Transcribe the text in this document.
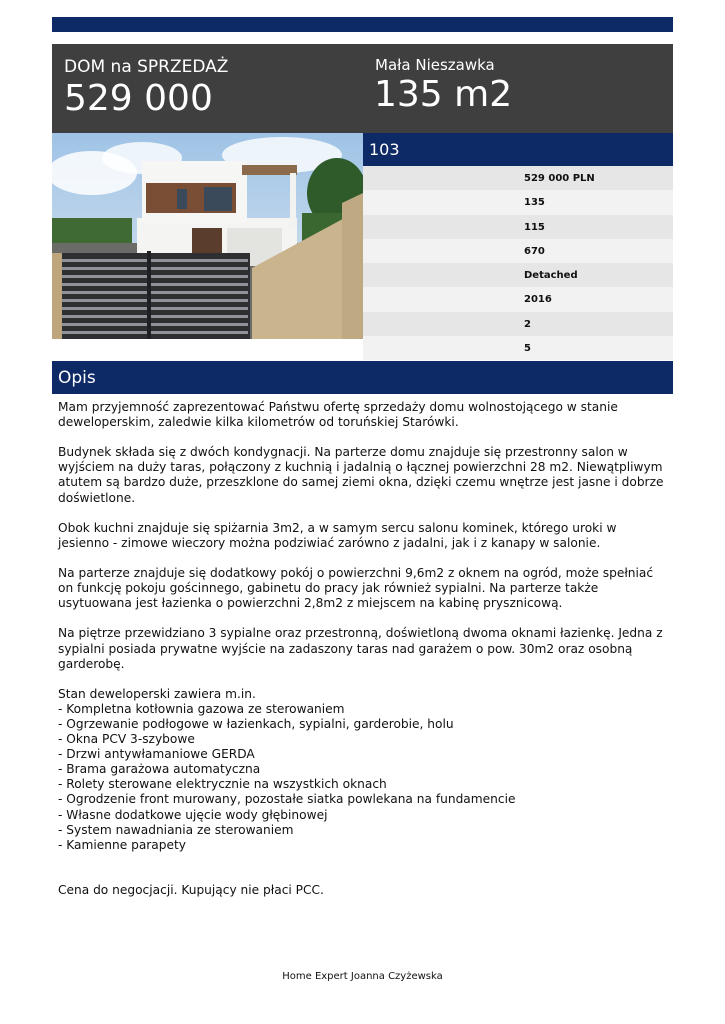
DOM na SPRZEDAŻ
529 000
Mała Nieszawka
135 m2
103
529 000 PLN
135
115
670
Detached
2016
2
5
Opis

Mam przyjemność zaprezentować Państwu ofertę sprzedaży domu wolnostojącego w stanie deweloperskim, zaledwie kilka kilometrów od toruńskiej Starówki.

Budynek składa się z dwóch kondygnacji. Na parterze domu znajduje się przestronny salon w wyjściem na duży taras, połączony z kuchnią i jadalnią o łącznej powierzchni 28 m2. Niewątpliwym atutem są bardzo duże, przeszklone do samej ziemi okna, dzięki czemu wnętrze jest jasne i dobrze doświetlone.

Obok kuchni znajduje się spiżarnia 3m2, a w samym sercu salonu kominek, którego uroki w jesienno - zimowe wieczory można podziwiać zarówno z jadalni, jak i z kanapy w salonie.

Na parterze znajduje się dodatkowy pokój o powierzchni 9,6m2 z oknem na ogród, może spełniać on funkcję pokoju gościnnego, gabinetu do pracy jak również sypialni. Na parterze także usytuowana jest łazienka o powierzchni 2,8m2 z miejscem na kabinę prysznicową.

Na piętrze przewidziano 3 sypialne oraz przestronną, doświetloną dwoma oknami łazienkę. Jedna z sypialni posiada prywatne wyjście na zadaszony taras nad garażem o pow. 30m2 oraz osobną garderobę.

Stan deweloperski zawiera m.in.
- Kompletna kotłownia gazowa ze sterowaniem
- Ogrzewanie podłogowe w łazienkach, sypialni, garderobie, holu
- Okna PCV 3-szybowe
- Drzwi antywłamaniowe GERDA
- Brama garażowa automatyczna
- Rolety sterowane elektrycznie na wszystkich oknach
- Ogrodzenie front murowany, pozostałe siatka powlekana na fundamencie
- Własne dodatkowe ujęcie wody głębinowej
- System nawadniania ze sterowaniem
- Kamienne parapety
Cena do negocjacji. Kupujący nie płaci PCC.
Home Expert Joanna Czyżewska
